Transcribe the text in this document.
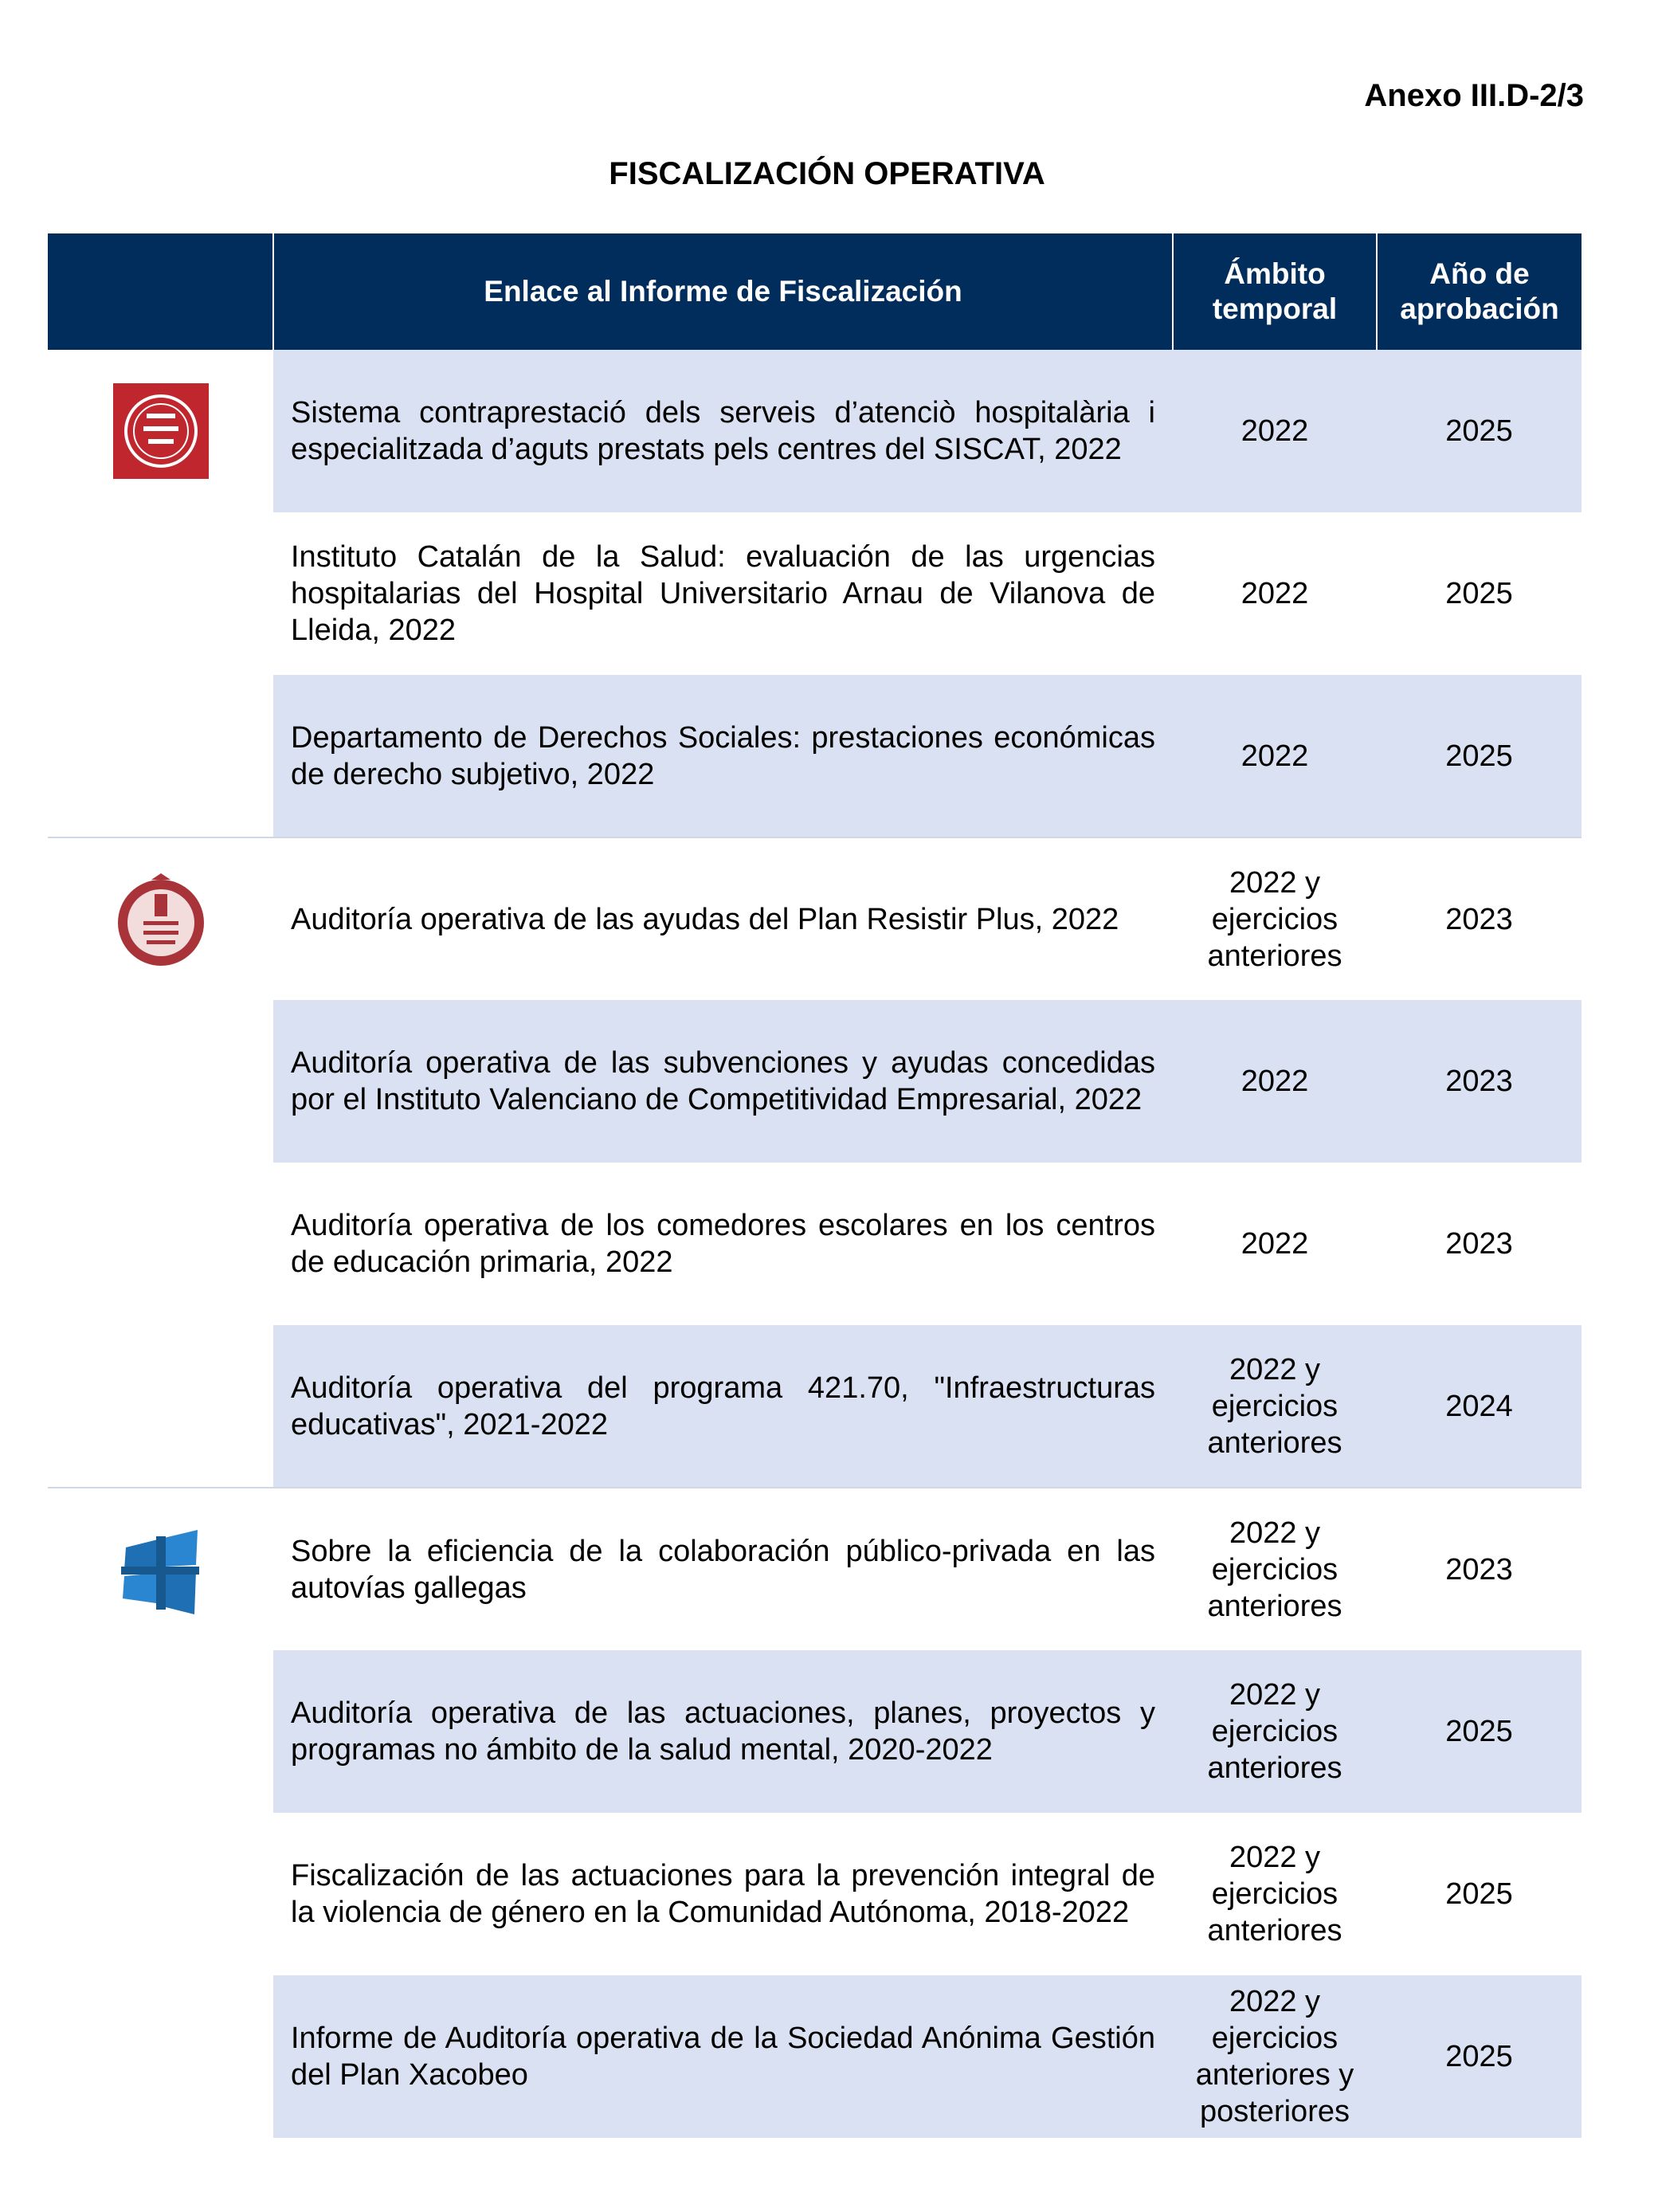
Anexo III.D-2/3
FISCALIZACIÓN OPERATIVA
	Enlace al Informe de Fiscalización	Ámbito temporal	Año de aprobación

	Sistema contraprestació dels serveis d’atenciò hospitalària i especialitzada d’aguts prestats pels centres del SISCAT, 2022	2022	2025
	Instituto Catalán de la Salud: evaluación de las urgencias hospitalarias del Hospital Universitario Arnau de Vilanova de Lleida, 2022	2022	2025
	Departamento de Derechos Sociales: prestaciones económicas de derecho subjetivo, 2022	2022	2025

	Auditoría operativa de las ayudas del Plan Resistir Plus, 2022	2022 y ejercicios anteriores	2023
	Auditoría operativa de las subvenciones y ayudas concedidas por el Instituto Valenciano de Competitividad Empresarial, 2022	2022	2023
	Auditoría operativa de los comedores escolares en los centros de educación primaria, 2022	2022	2023
	Auditoría operativa del programa 421.70, "Infraestructuras educativas", 2021-2022	2022 y ejercicios anteriores	2024

	Sobre la eficiencia de la colaboración público-privada en las autovías gallegas	2022 y ejercicios anteriores	2023
	Auditoría operativa de las actuaciones, planes, proyectos y programas no ámbito de la salud mental, 2020-2022	2022 y ejercicios anteriores	2025
	Fiscalización de las actuaciones para la prevención integral de la violencia de género en la Comunidad Autónoma, 2018-2022	2022 y ejercicios anteriores	2025
	Informe de Auditoría operativa de la Sociedad Anónima Gestión del Plan Xacobeo	2022 y ejercicios anteriores y posteriores	2025
